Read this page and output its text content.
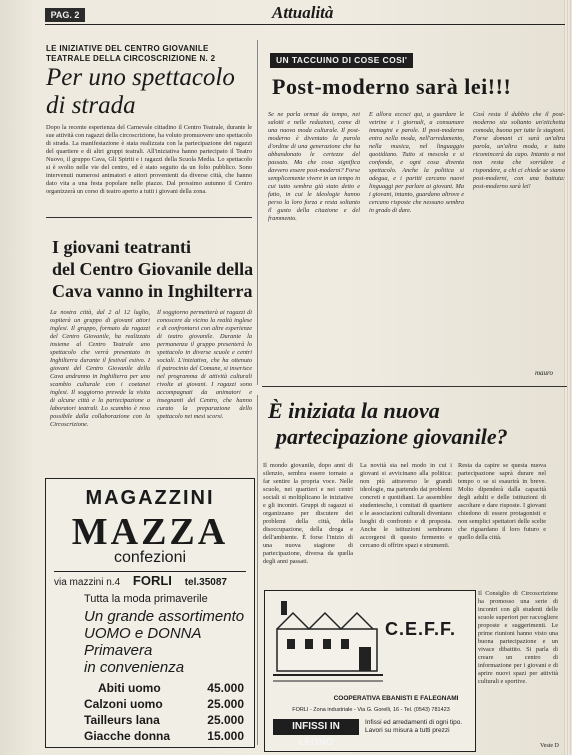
PAG. 2	Attualità
LE INIZIATIVE DEL CENTRO GIOVANILE TEATRALE DELLA CIRCOSCRIZIONE N. 2
Per uno spettacolo
di strada
Dopo la recente esperienza del Carnevale cittadino il Centro Teatrale, durante le sue attività con ragazzi della circoscrizione, ha voluto promuovere uno spettacolo di strada. La manifestazione è stata realizzata con la partecipazione dei ragazzi del quartiere e di altri gruppi teatrali. All'iniziativa hanno partecipato il Teatro Nuovo, il gruppo Cava, Gli Spiriti e i ragazzi della Scuola Media. Lo spettacolo si è svolto nelle vie del centro, ed è stato seguito da un folto pubblico. Sono intervenuti numerosi animatori e attori provenienti da diverse città, che hanno dato vita a una festa popolare nelle piazze. Dal prossimo autunno il Centro organizzerà un corso di teatro aperto a tutti i giovani della zona.
I giovani teatranti
del Centro Giovanile della
Cava vanno in Inghilterra
La nostra città, dal 2 al 12 luglio, ospiterà un gruppo di giovani attori inglesi. Il gruppo, formato da ragazzi del Centro Giovanile, ha realizzato insieme al Centro Teatrale uno spettacolo che verrà presentato in Inghilterra durante il festival estivo. I giovani del Centro Giovanile della Cava andranno in Inghilterra per uno scambio culturale con i coetanei inglesi. Il soggiorno prevede la visita di alcune città e la partecipazione a laboratori teatrali. Lo scambio è reso possibile dalla collaborazione con la Circoscrizione.
Il soggiorno permetterà ai ragazzi di conoscere da vicino la realtà inglese e di confrontarsi con altre esperienze di teatro giovanile. Durante la permanenza il gruppo presenterà lo spettacolo in diverse scuole e centri sociali. L'iniziativa, che ha ottenuto il patrocinio del Comune, si inserisce nel programma di attività culturali rivolte ai giovani. I ragazzi sono accompagnati da animatori e insegnanti del Centro, che hanno curato la preparazione dello spettacolo nei mesi scorsi.
UN TACCUINO DI COSE COSI'
Post-moderno sarà lei!!!
Se ne parla ormai da tempo, nei salotti e nelle redazioni, come di una nuova moda culturale. Il post-moderno è diventato la parola d'ordine di una generazione che ha abbandonato le certezze del passato. Ma che cosa significa davvero essere post-moderni? Forse semplicemente vivere in un tempo in cui tutto sembra già stato detto e fatto, in cui le ideologie hanno perso la loro forza e resta soltanto il gusto della citazione e del frammento.
E allora eccoci qui, a guardare le vetrine e i giornali, a consumare immagini e parole. Il post-moderno entra nella moda, nell'arredamento, nella musica, nel linguaggio quotidiano. Tutto si mescola e si confonde, e ogni cosa diventa spettacolo. Anche la politica si adegua, e i partiti cercano nuovi linguaggi per parlare ai giovani. Ma i giovani, intanto, guardano altrove e cercano risposte che nessuno sembra in grado di dare.
Così resta il dubbio che il post-moderno sia soltanto un'etichetta comoda, buona per tutte le stagioni. Forse domani ci sarà un'altra parola, un'altra moda, e tutto ricomincerà da capo. Intanto a noi non resta che sorridere e rispondere, a chi ci chiede se siamo post-moderni, con una battuta: post-moderno sarà lei!
mauro
È iniziata la nuova
partecipazione giovanile?
Il mondo giovanile, dopo anni di silenzio, sembra essere tornato a far sentire la propria voce. Nelle scuole, nei quartieri e nei centri sociali si moltiplicano le iniziative e gli incontri. Gruppi di ragazzi si organizzano per discutere dei problemi della città, della disoccupazione, della droga e dell'ambiente. È forse l'inizio di una nuova stagione di partecipazione, diversa da quella degli anni passati.
La novità sta nel modo in cui i giovani si avvicinano alla politica: non più attraverso le grandi ideologie, ma partendo dai problemi concreti e quotidiani. Le assemblee studentesche, i comitati di quartiere e le associazioni culturali diventano luoghi di confronto e di proposta. Anche le istituzioni sembrano accorgersi di questo fermento e cercano di offrire spazi e strumenti.
Resta da capire se questa nuova partecipazione saprà durare nel tempo o se si esaurirà in breve. Molto dipenderà dalla capacità degli adulti e delle istituzioni di ascoltare e dare risposte. I giovani chiedono di essere protagonisti e non semplici spettatori delle scelte che riguardano il loro futuro e quello della città.
Il Consiglio di Circoscrizione ha promosso una serie di incontri con gli studenti delle scuole superiori per raccogliere proposte e suggerimenti. Le prime riunioni hanno visto una buona partecipazione e un vivace dibattito. Si parla di creare un centro di informazione per i giovani e di aprire nuovi spazi per attività culturali e sportive.
MAGAZZINI
MAZZA
confezioni
via mazzini n.4 FORLI tel.35087
Tutta la moda primaverile
Un grande assortimento
UOMO e DONNA
Primavera
in convenienza
Abiti uomo	45.000
Calzoni uomo	25.000
Tailleurs lana	25.000
Giacche donna	15.000
C.E.F.F.
COOPERATIVA EBANISTI E FALEGNAMI
FORLI - Zona industriale - Via G. Gorelli, 16 - Tel. (0543) 781423
INFISSI IN LEGNO
Infissi ed arredamenti di ogni tipo. Lavori su misura a tutti prezzi
Veste D
